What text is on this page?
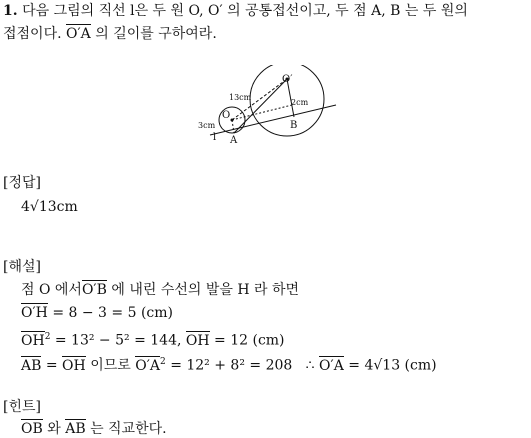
1. 다음 그림의 직선 l은 두 원 O, O′ 의 공통접선이고, 두 점 A, B 는 두 원의
접점이다. O′A 의 길이를 구하여라.
O′
O
A
B
l
13cm
2cm
3cm
[정답]
4√13cm
[해설]
점 O 에서O′B 에 내린 수선의 발을 H 라 하면
O′H = 8 − 3 = 5 (cm)
$OH^2 = 13^2 - 5^2 = 144$, OH = 12 (cm)
AB = OH 이므로 $O'A^2 = 12^2 + 8^2 = 208$ ∴ O′A = 4√13 (cm)
[힌트]
OB 와 AB 는 직교한다.
